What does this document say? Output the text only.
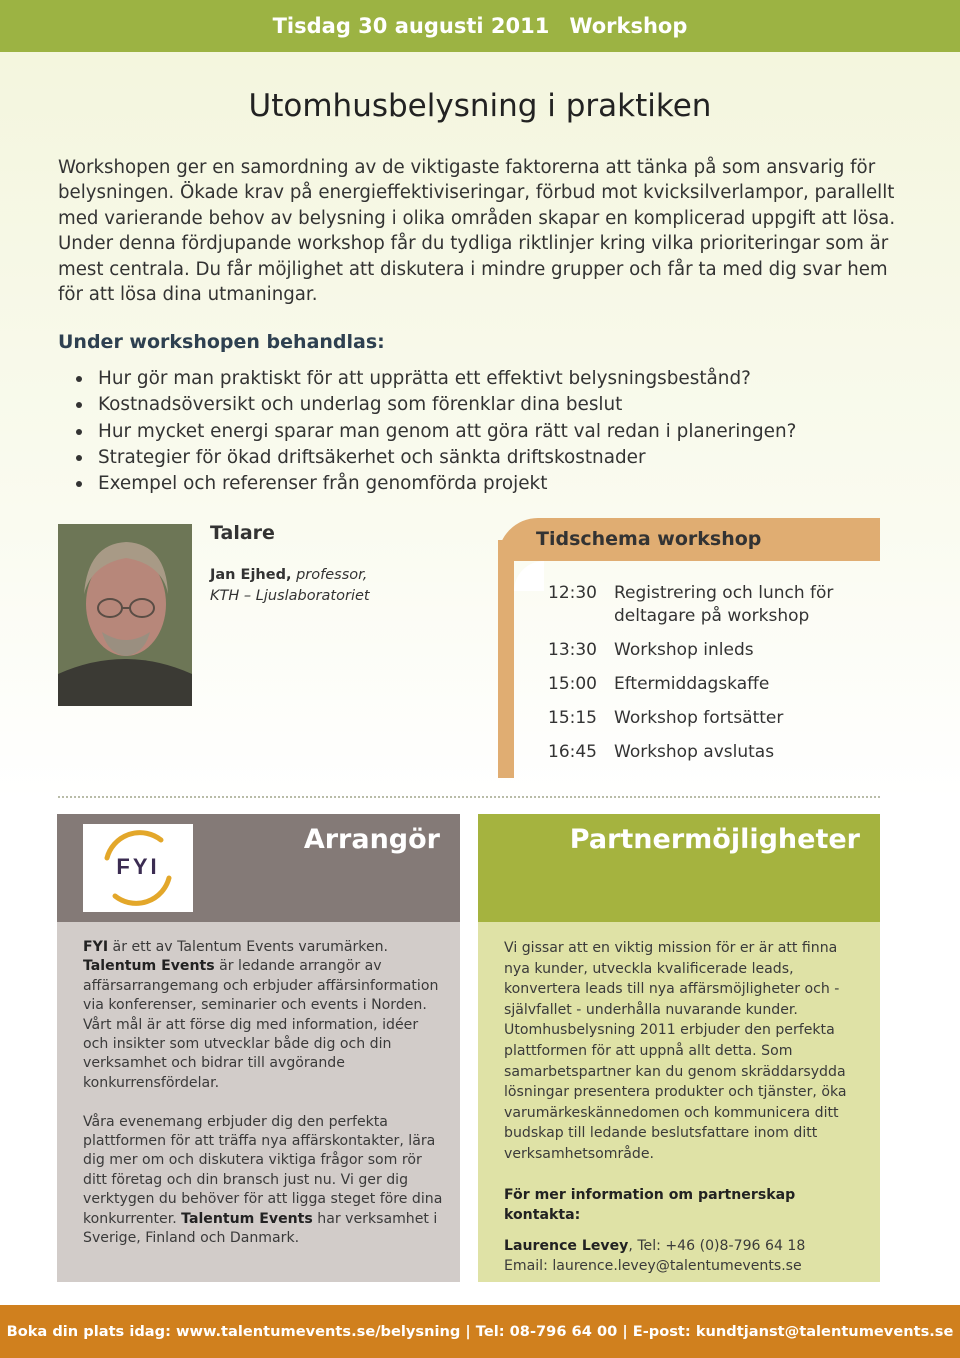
Tisdag 30 augusti 2011 Workshop
Utomhusbelysning i praktiken

Workshopen ger en samordning av de viktigaste faktorerna att tänka på som ansvarig för belysningen. Ökade krav på energieffektiviseringar, förbud mot kvicksilverlampor, parallellt med varierande behov av belysning i olika områden skapar en komplicerad uppgift att lösa. Under denna fördjupande workshop får du tydliga riktlinjer kring vilka prioriteringar som är mest centrala. Du får möjlighet att diskutera i mindre grupper och får ta med dig svar hem för att lösa dina utmaningar.

Under workshopen behandlas:
Hur gör man praktiskt för att upprätta ett effektivt belysningsbestånd?
Kostnadsöversikt och underlag som förenklar dina beslut
Hur mycket energi sparar man genom att göra rätt val redan i planeringen?
Strategier för ökad driftsäkerhet och sänkta driftskostnader
Exempel och referenser från genomförda projekt
Talare
Jan Ejhed, professor,
KTH – Ljuslaboratoriet
Tidschema workshop
12:30	Registrering och lunch för deltagare på workshop
13:30	Workshop inleds
15:00	Eftermiddagskaffe
15:15	Workshop fortsätter
16:45	Workshop avslutas
FYI
Arrangör

FYI är ett av Talentum Events varumärken. Talentum Events är ledande arrangör av affärsarrangemang och erbjuder affärsinformation via konferenser, seminarier och events i Norden. Vårt mål är att förse dig med information, idéer och insikter som utvecklar både dig och din verksamhet och bidrar till avgörande konkurrensfördelar.

Våra evenemang erbjuder dig den perfekta plattformen för att träffa nya affärskontakter, lära dig mer om och diskutera viktiga frågor som rör ditt företag och din bransch just nu. Vi ger dig verktygen du behöver för att ligga steget före dina konkurrenter. Talentum Events har verksamhet i Sverige, Finland och Danmark.

Partnermöjligheter

Vi gissar att en viktig mission för er är att finna nya kunder, utveckla kvalificerade leads, konvertera leads till nya affärsmöjligheter och - självfallet - underhålla nuvarande kunder. Utomhusbelysning 2011 erbjuder den perfekta plattformen för att uppnå allt detta. Som samarbetspartner kan du genom skräddarsydda lösningar presentera produkter och tjänster, öka varumärkeskännedomen och kommunicera ditt budskap till ledande beslutsfattare inom ditt verksamhetsområde.

För mer information om partnerskap kontakta:

Laurence Levey, Tel: +46 (0)8-796 64 18

Email: laurence.levey@talentumevents.se

Boka din plats idag: www.talentumevents.se/belysning | Tel: 08-796 64 00 | E-post: kundtjanst@talentumevents.se
